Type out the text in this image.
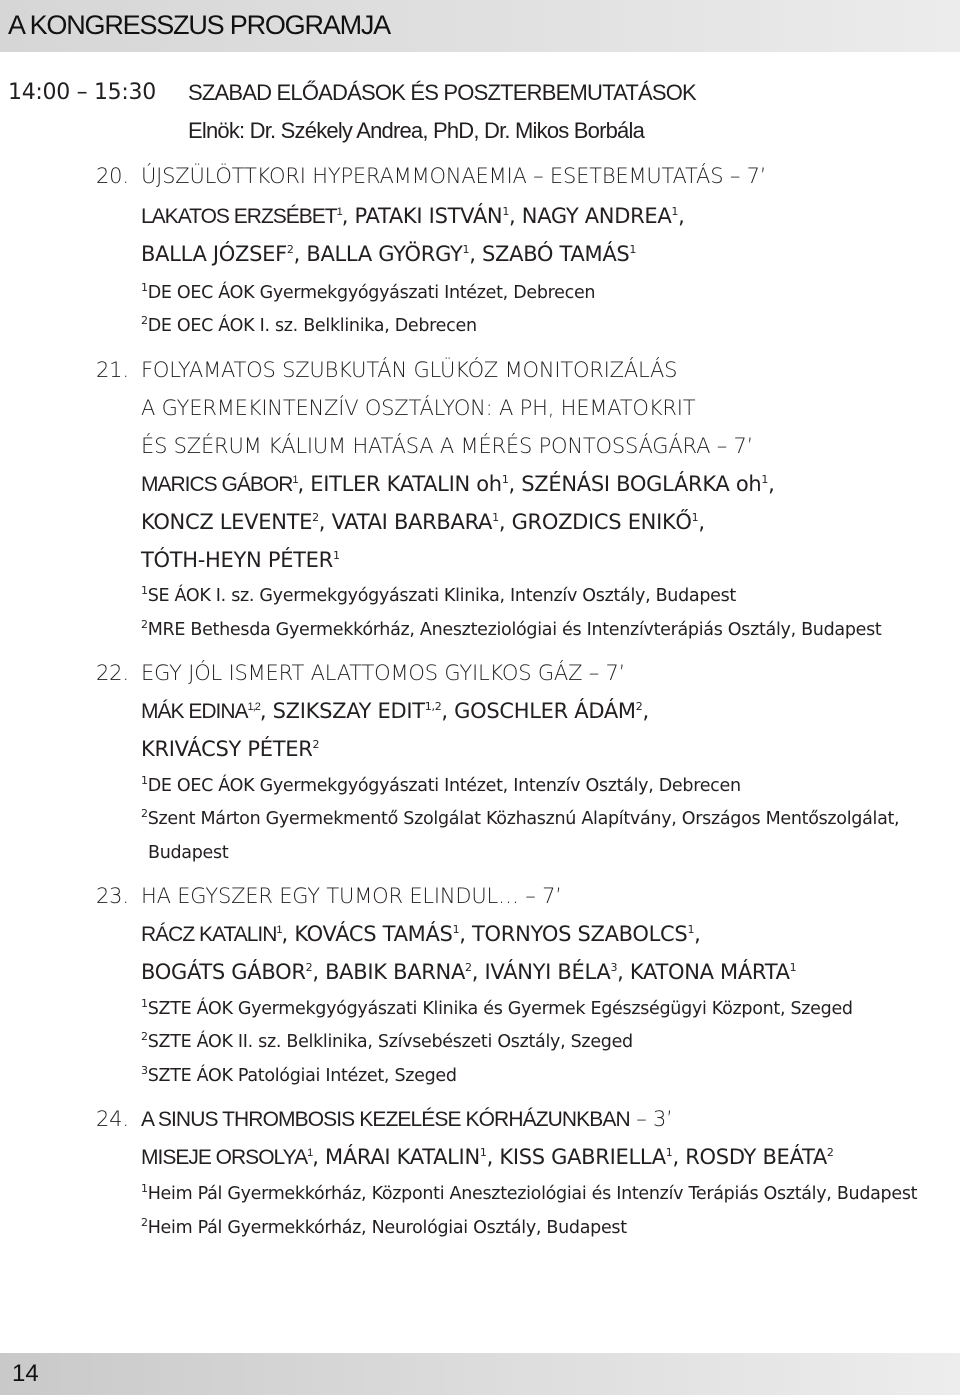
A KONGRESSZUS PROGRAMJA
14:00 – 15:30 SZABAD ELŐADÁSOK ÉS POSZTERBEMUTATÁSOK
Elnök: Dr. Székely Andrea, PhD, Dr. Mikos Borbála
20. ÚJSZÜLÖTTKORI HYPERAMMONAEMIA – ESETBEMUTATÁS – 7’
LAKATOS ERZSÉBET$^1$, PATAKI ISTVÁN$^1$, NAGY ANDREA$^1$,
BALLA JÓZSEF$^2$, BALLA GYÖRGY$^1$, SZABÓ TAMÁS$^1$
$^1$DE OEC ÁOK Gyermekgyógyászati Intézet, Debrecen
$^2$DE OEC ÁOK I. sz. Belklinika, Debrecen
21. FOLYAMATOS SZUBKUTÁN GLÜKÓZ MONITORIZÁLÁS
A GYERMEKINTENZÍV OSZTÁLYON: A PH, HEMATOKRIT
ÉS SZÉRUM KÁLIUM HATÁSA A MÉRÉS PONTOSSÁGÁRA – 7’
MARICS GÁBOR$^1$, EITLER KATALIN $oh^1$, SZÉNÁSI BOGLÁRKA $oh^1$,
KONCZ LEVENTE$^2$, VATAI BARBARA$^1$, GROZDICS ENIKŐ$^1$,
TÓTH-HEYN PÉTER$^1$
$^1$SE ÁOK I. sz. Gyermekgyógyászati Klinika, Intenzív Osztály, Budapest
$^2$MRE Bethesda Gyermekkórház, Aneszteziológiai és Intenzívterápiás Osztály, Budapest
22. EGY JÓL ISMERT ALATTOMOS GYILKOS GÁZ – 7’
MÁK EDINA$^{1,2}$, SZIKSZAY EDIT$^{1,2}$, GOSCHLER ÁDÁM$^2$,
KRIVÁCSY PÉTER$^2$
$^1$DE OEC ÁOK Gyermekgyógyászati Intézet, Intenzív Osztály, Debrecen
$^2$Szent Márton Gyermekmentő Szolgálat Közhasznú Alapítvány, Országos Mentőszolgálat,
Budapest
23. HA EGYSZER EGY TUMOR ELINDUL… – 7’
RÁCZ KATALIN$^1$, KOVÁCS TAMÁS$^1$, TORNYOS SZABOLCS$^1$,
BOGÁTS GÁBOR$^2$, BABIK BARNA$^2$, IVÁNYI BÉLA$^3$, KATONA MÁRTA$^1$
$^1$SZTE ÁOK Gyermekgyógyászati Klinika és Gyermek Egészségügyi Központ, Szeged
$^2$SZTE ÁOK II. sz. Belklinika, Szívsebészeti Osztály, Szeged
$^3$SZTE ÁOK Patológiai Intézet, Szeged
24. A SINUS THROMBOSIS KEZELÉSE KÓRHÁZUNKBAN – 3’
MISEJE ORSOLYA$^1$, MÁRAI KATALIN$^1$, KISS GABRIELLA$^1$, ROSDY BEÁTA$^2$
$^1$Heim Pál Gyermekkórház, Központi Aneszteziológiai és Intenzív Terápiás Osztály, Budapest
$^2$Heim Pál Gyermekkórház, Neurológiai Osztály, Budapest
14
